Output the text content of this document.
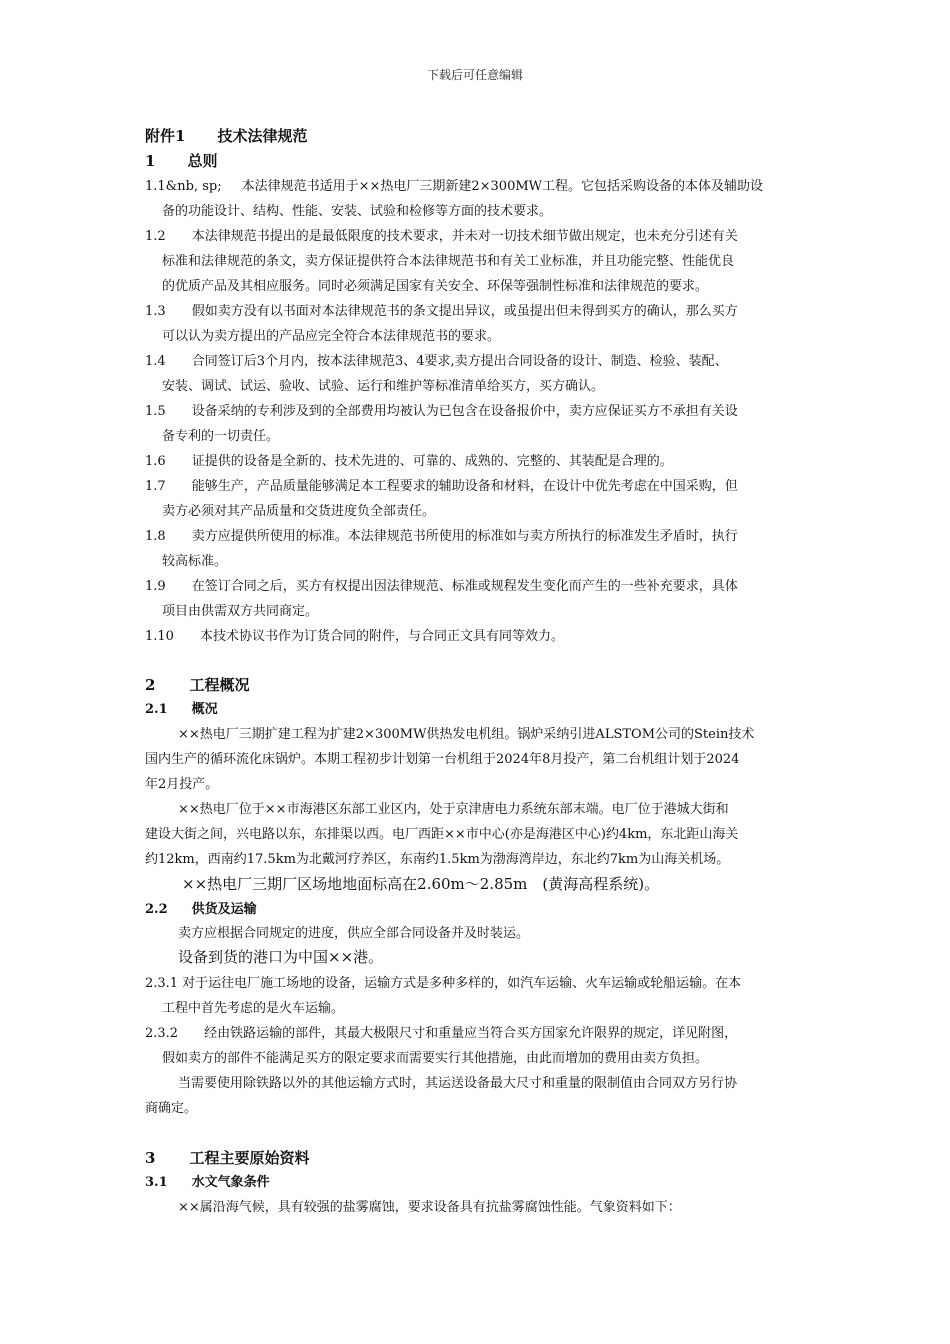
下载后可任意编辑
附件1 技术法律规范
1 总则
1.1&nb, sp; 本法律规范书适用于××热电厂三期新建2×300MW工程。它包括采购设备的本体及辅助设
备的功能设计、结构、性能、安装、试验和检修等方面的技术要求。
1.2 本法律规范书提出的是最低限度的技术要求，并未对一切技术细节做出规定，也未充分引述有关
标准和法律规范的条文，卖方保证提供符合本法律规范书和有关工业标准，并且功能完整、性能优良
的优质产品及其相应服务。同时必须满足国家有关安全、环保等强制性标准和法律规范的要求。
1.3 假如卖方没有以书面对本法律规范书的条文提出异议，或虽提出但未得到买方的确认，那么买方
可以认为卖方提出的产品应完全符合本法律规范书的要求。
1.4 合同签订后3个月内，按本法律规范3、4要求,卖方提出合同设备的设计、制造、检验、装配、
安装、调试、试运、验收、试验、运行和维护等标准清单给买方，买方确认。
1.5 设备采纳的专利涉及到的全部费用均被认为已包含在设备报价中，卖方应保证买方不承担有关设
备专利的一切责任。
1.6 证提供的设备是全新的、技术先进的、可靠的、成熟的、完整的、其装配是合理的。
1.7 能够生产，产品质量能够满足本工程要求的辅助设备和材料，在设计中优先考虑在中国采购，但
卖方必须对其产品质量和交货进度负全部责任。
1.8 卖方应提供所使用的标准。本法律规范书所使用的标准如与卖方所执行的标准发生矛盾时，执行
较高标准。
1.9 在签订合同之后，买方有权提出因法律规范、标准或规程发生变化而产生的一些补充要求，具体
项目由供需双方共同商定。
1.10 本技术协议书作为订货合同的附件，与合同正文具有同等效力。
2 工程概况
2.1 概况
××热电厂三期扩建工程为扩建2×300MW供热发电机组。锅炉采纳引进ALSTOM公司的Stein技术
国内生产的循环流化床锅炉。本期工程初步计划第一台机组于2024年8月投产，第二台机组计划于2024
年2月投产。
××热电厂位于××市海港区东部工业区内，处于京津唐电力系统东部末端。电厂位于港城大街和
建设大街之间，兴电路以东，东排渠以西。电厂西距××市中心(亦是海港区中心)约4km，东北距山海关
约12km，西南约17.5km为北戴河疗养区，东南约1.5km为渤海湾岸边，东北约7km为山海关机场。
××热电厂三期厂区场地地面标高在2.60m～2.85m　(黄海高程系统)。
2.2 供货及运输
卖方应根据合同规定的进度，供应全部合同设备并及时装运。
设备到货的港口为中国××港。
2.3.1 对于运往电厂施工场地的设备，运输方式是多种多样的，如汽车运输、火车运输或轮船运输。在本
工程中首先考虑的是火车运输。
2.3.2 经由铁路运输的部件，其最大极限尺寸和重量应当符合买方国家允许限界的规定，详见附图，
假如卖方的部件不能满足买方的限定要求而需要实行其他措施，由此而增加的费用由卖方负担。
当需要使用除铁路以外的其他运输方式时，其运送设备最大尺寸和重量的限制值由合同双方另行协
商确定。
3 工程主要原始资料
3.1 水文气象条件
××属沿海气候，具有较强的盐雾腐蚀，要求设备具有抗盐雾腐蚀性能。气象资料如下：
